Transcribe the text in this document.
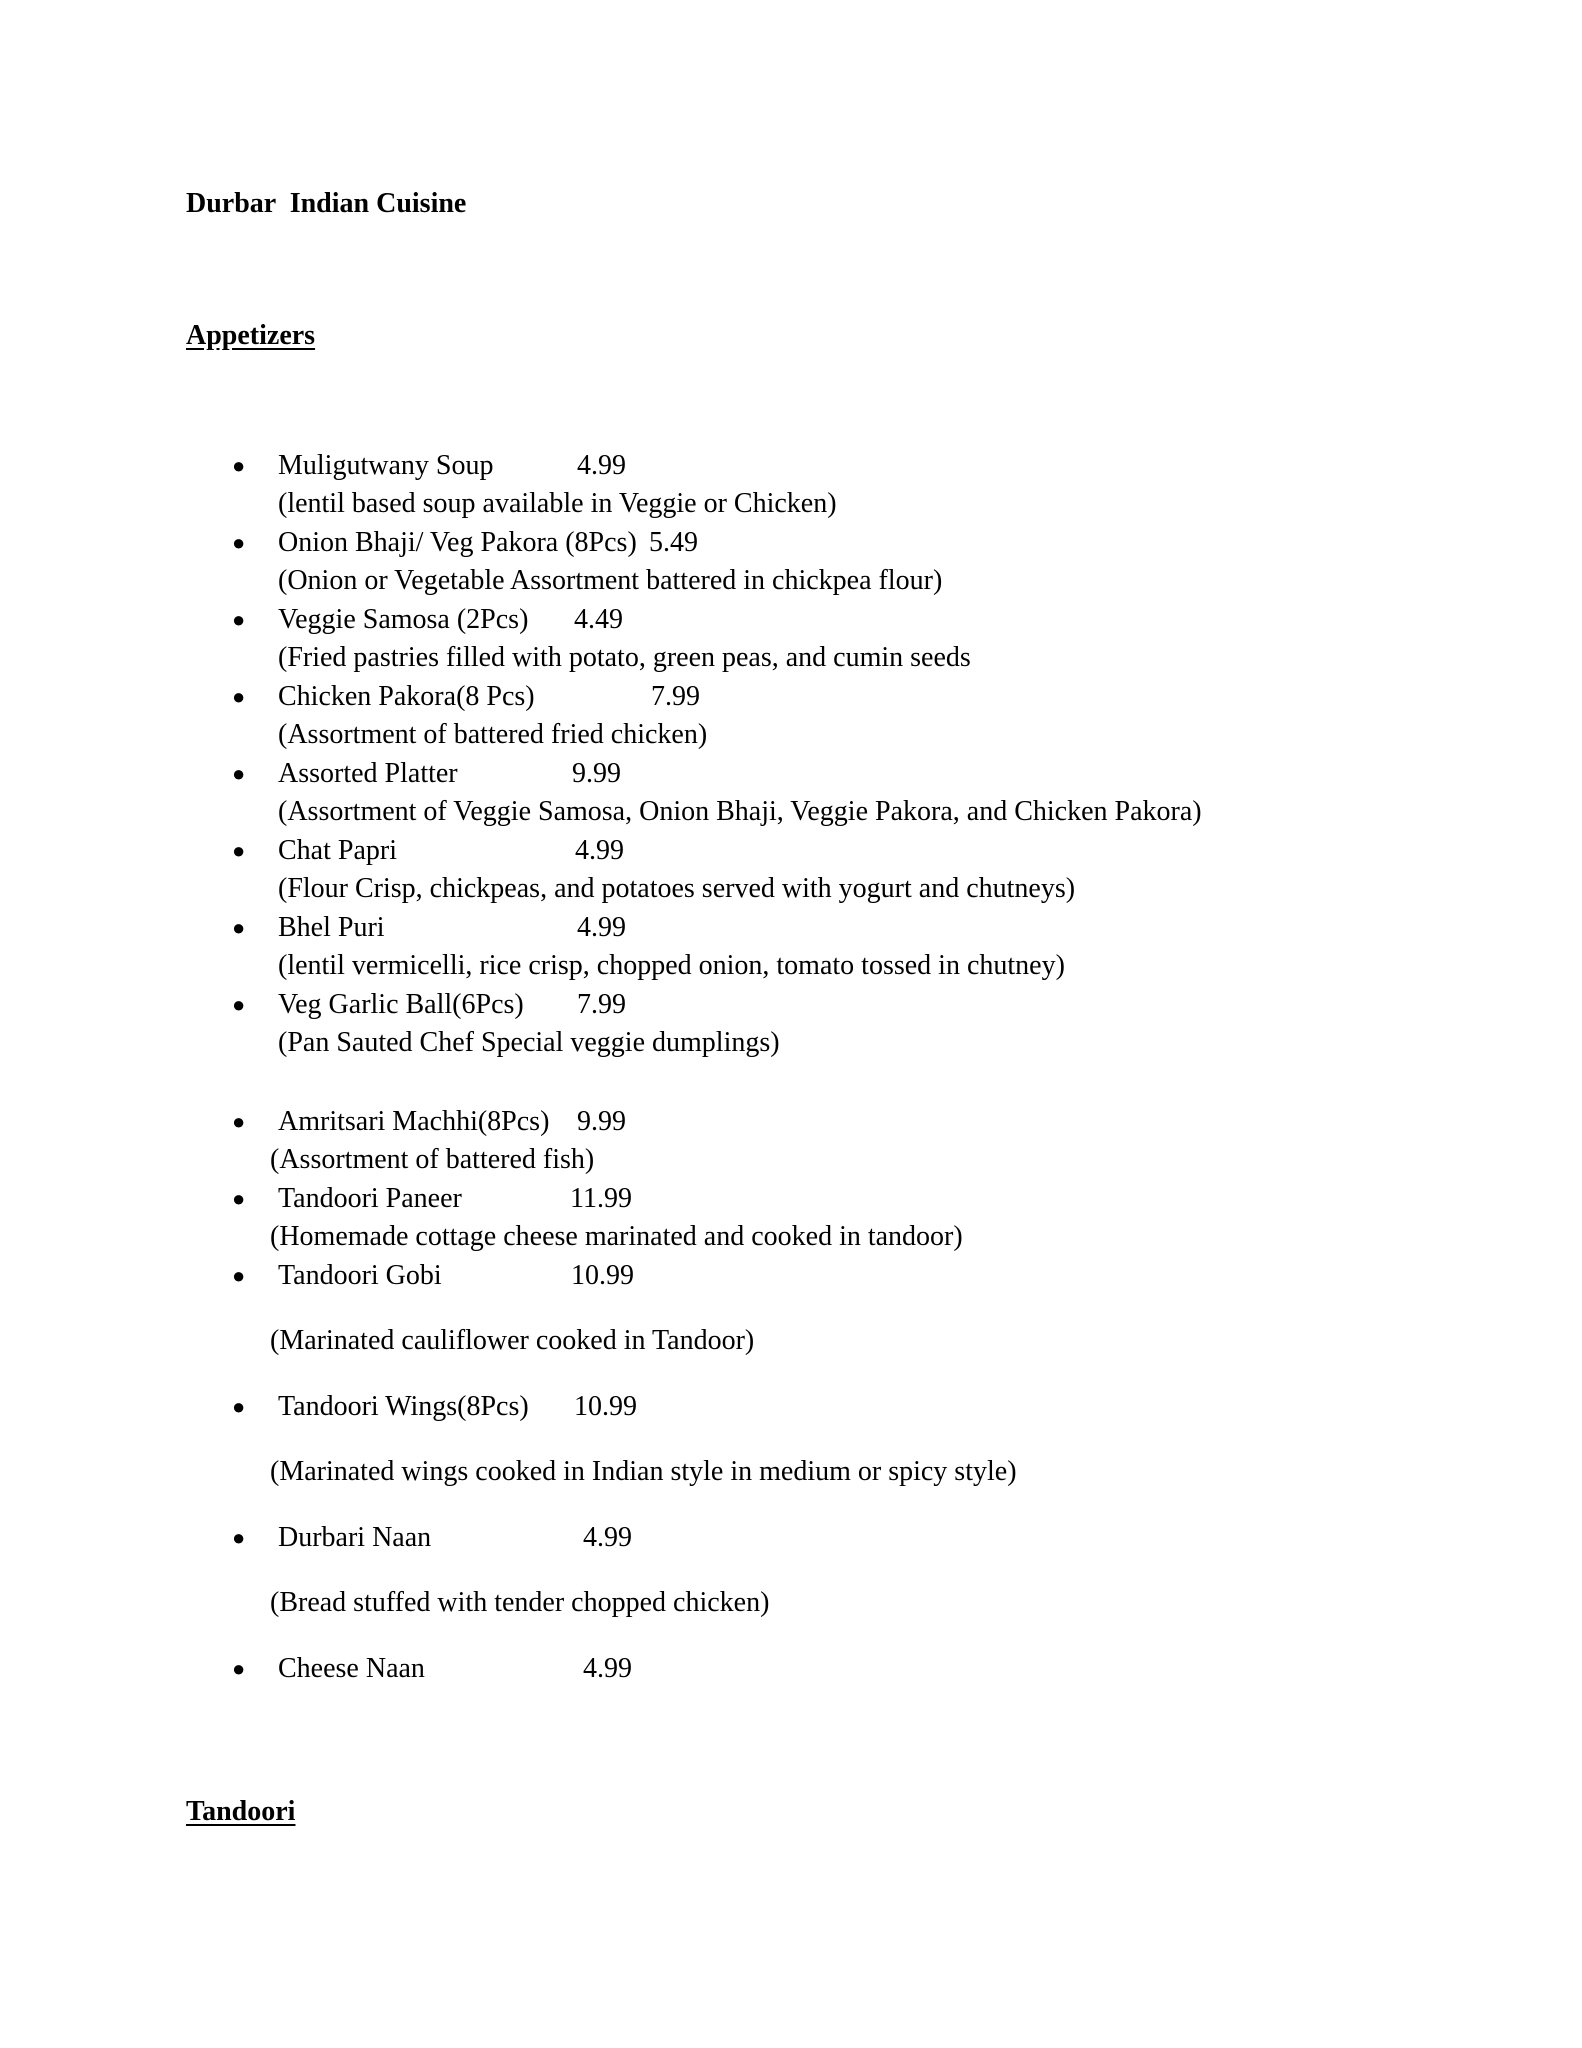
Durbar  Indian Cuisine
Appetizers
● Muligutwany Soup	4.99
(lentil based soup available in Veggie or Chicken)
● Onion Bhaji/ Veg Pakora (8Pcs) 5.49
(Onion or Vegetable Assortment battered in chickpea flour)
● Veggie Samosa (2Pcs) 4.49
(Fried pastries filled with potato, green peas, and cumin seeds
● Chicken Pakora(8 Pcs)	7.99
(Assortment of battered fried chicken)
● Assorted Platter	9.99
(Assortment of Veggie Samosa, Onion Bhaji, Veggie Pakora, and Chicken Pakora)
● Chat Papri	4.99
(Flour Crisp, chickpeas, and potatoes served with yogurt and chutneys)
● Bhel Puri	4.99
(lentil vermicelli, rice crisp, chopped onion, tomato tossed in chutney)
● Veg Garlic Ball(6Pcs) 7.99
(Pan Sauted Chef Special veggie dumplings)
● Amritsari Machhi(8Pcs) 9.99
(Assortment of battered fish)
● Tandoori Paneer	11.99
(Homemade cottage cheese marinated and cooked in tandoor)
● Tandoori Gobi	10.99
(Marinated cauliflower cooked in Tandoor)
● Tandoori Wings(8Pcs) 10.99
(Marinated wings cooked in Indian style in medium or spicy style)
● Durbari Naan	4.99
(Bread stuffed with tender chopped chicken)
● Cheese Naan	4.99
Tandoori
